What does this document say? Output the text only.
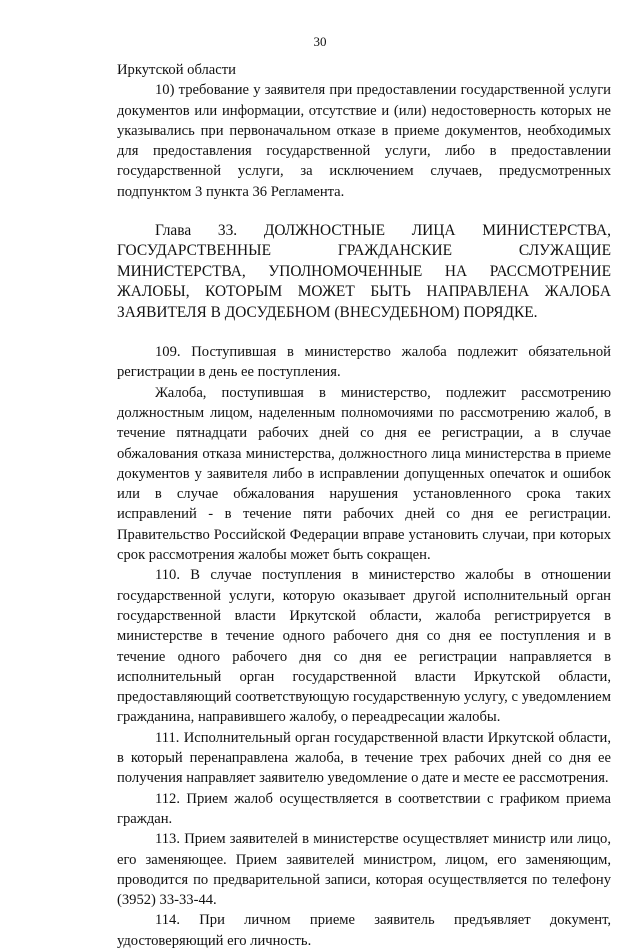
30

Иркутской области

10) требование у заявителя при предоставлении государственной услуги документов или информации, отсутствие и (или) недостоверность которых не указывались при первоначальном отказе в приеме документов, необходимых для предоставления государственной услуги, либо в предоставлении государственной услуги, за исключением случаев, предусмотренных подпунктом 3 пункта 36 Регламента.

Глава 33. ДОЛЖНОСТНЫЕ ЛИЦА МИНИСТЕРСТВА, ГОСУДАРСТВЕННЫЕ ГРАЖДАНСКИЕ СЛУЖАЩИЕ МИНИСТЕРСТВА, УПОЛНОМОЧЕННЫЕ НА РАССМОТРЕНИЕ ЖАЛОБЫ, КОТОРЫМ МОЖЕТ БЫТЬ НАПРАВЛЕНА ЖАЛОБА ЗАЯВИТЕЛЯ В ДОСУДЕБНОМ (ВНЕСУДЕБНОМ) ПОРЯДКЕ.

109. Поступившая в министерство жалоба подлежит обязательной регистрации в день ее поступления.

Жалоба, поступившая в министерство, подлежит рассмотрению должностным лицом, наделенным полномочиями по рассмотрению жалоб, в течение пятнадцати рабочих дней со дня ее регистрации, а в случае обжалования отказа министерства, должностного лица министерства в приеме документов у заявителя либо в исправлении допущенных опечаток и ошибок или в случае обжалования нарушения установленного срока таких исправлений - в течение пяти рабочих дней со дня ее регистрации. Правительство Российской Федерации вправе установить случаи, при которых срок рассмотрения жалобы может быть сокращен.

110. В случае поступления в министерство жалобы в отношении государственной услуги, которую оказывает другой исполнительный орган государственной власти Иркутской области, жалоба регистрируется в министерстве в течение одного рабочего дня со дня ее поступления и в течение одного рабочего дня со дня ее регистрации направляется в исполнительный орган государственной власти Иркутской области, предоставляющий соответствующую государственную услугу, с уведомлением гражданина, направившего жалобу, о переадресации жалобы.

111. Исполнительный орган государственной власти Иркутской области, в который перенаправлена жалоба, в течение трех рабочих дней со дня ее получения направляет заявителю уведомление о дате и месте ее рассмотрения.

112. Прием жалоб осуществляется в соответствии с графиком приема граждан.

113. Прием заявителей в министерстве осуществляет министр или лицо, его заменяющее. Прием заявителей министром, лицом, его заменяющим, проводится по предварительной записи, которая осуществляется по телефону (3952) 33-33-44.

114. При личном приеме заявитель предъявляет документ, удостоверяющий его личность.
